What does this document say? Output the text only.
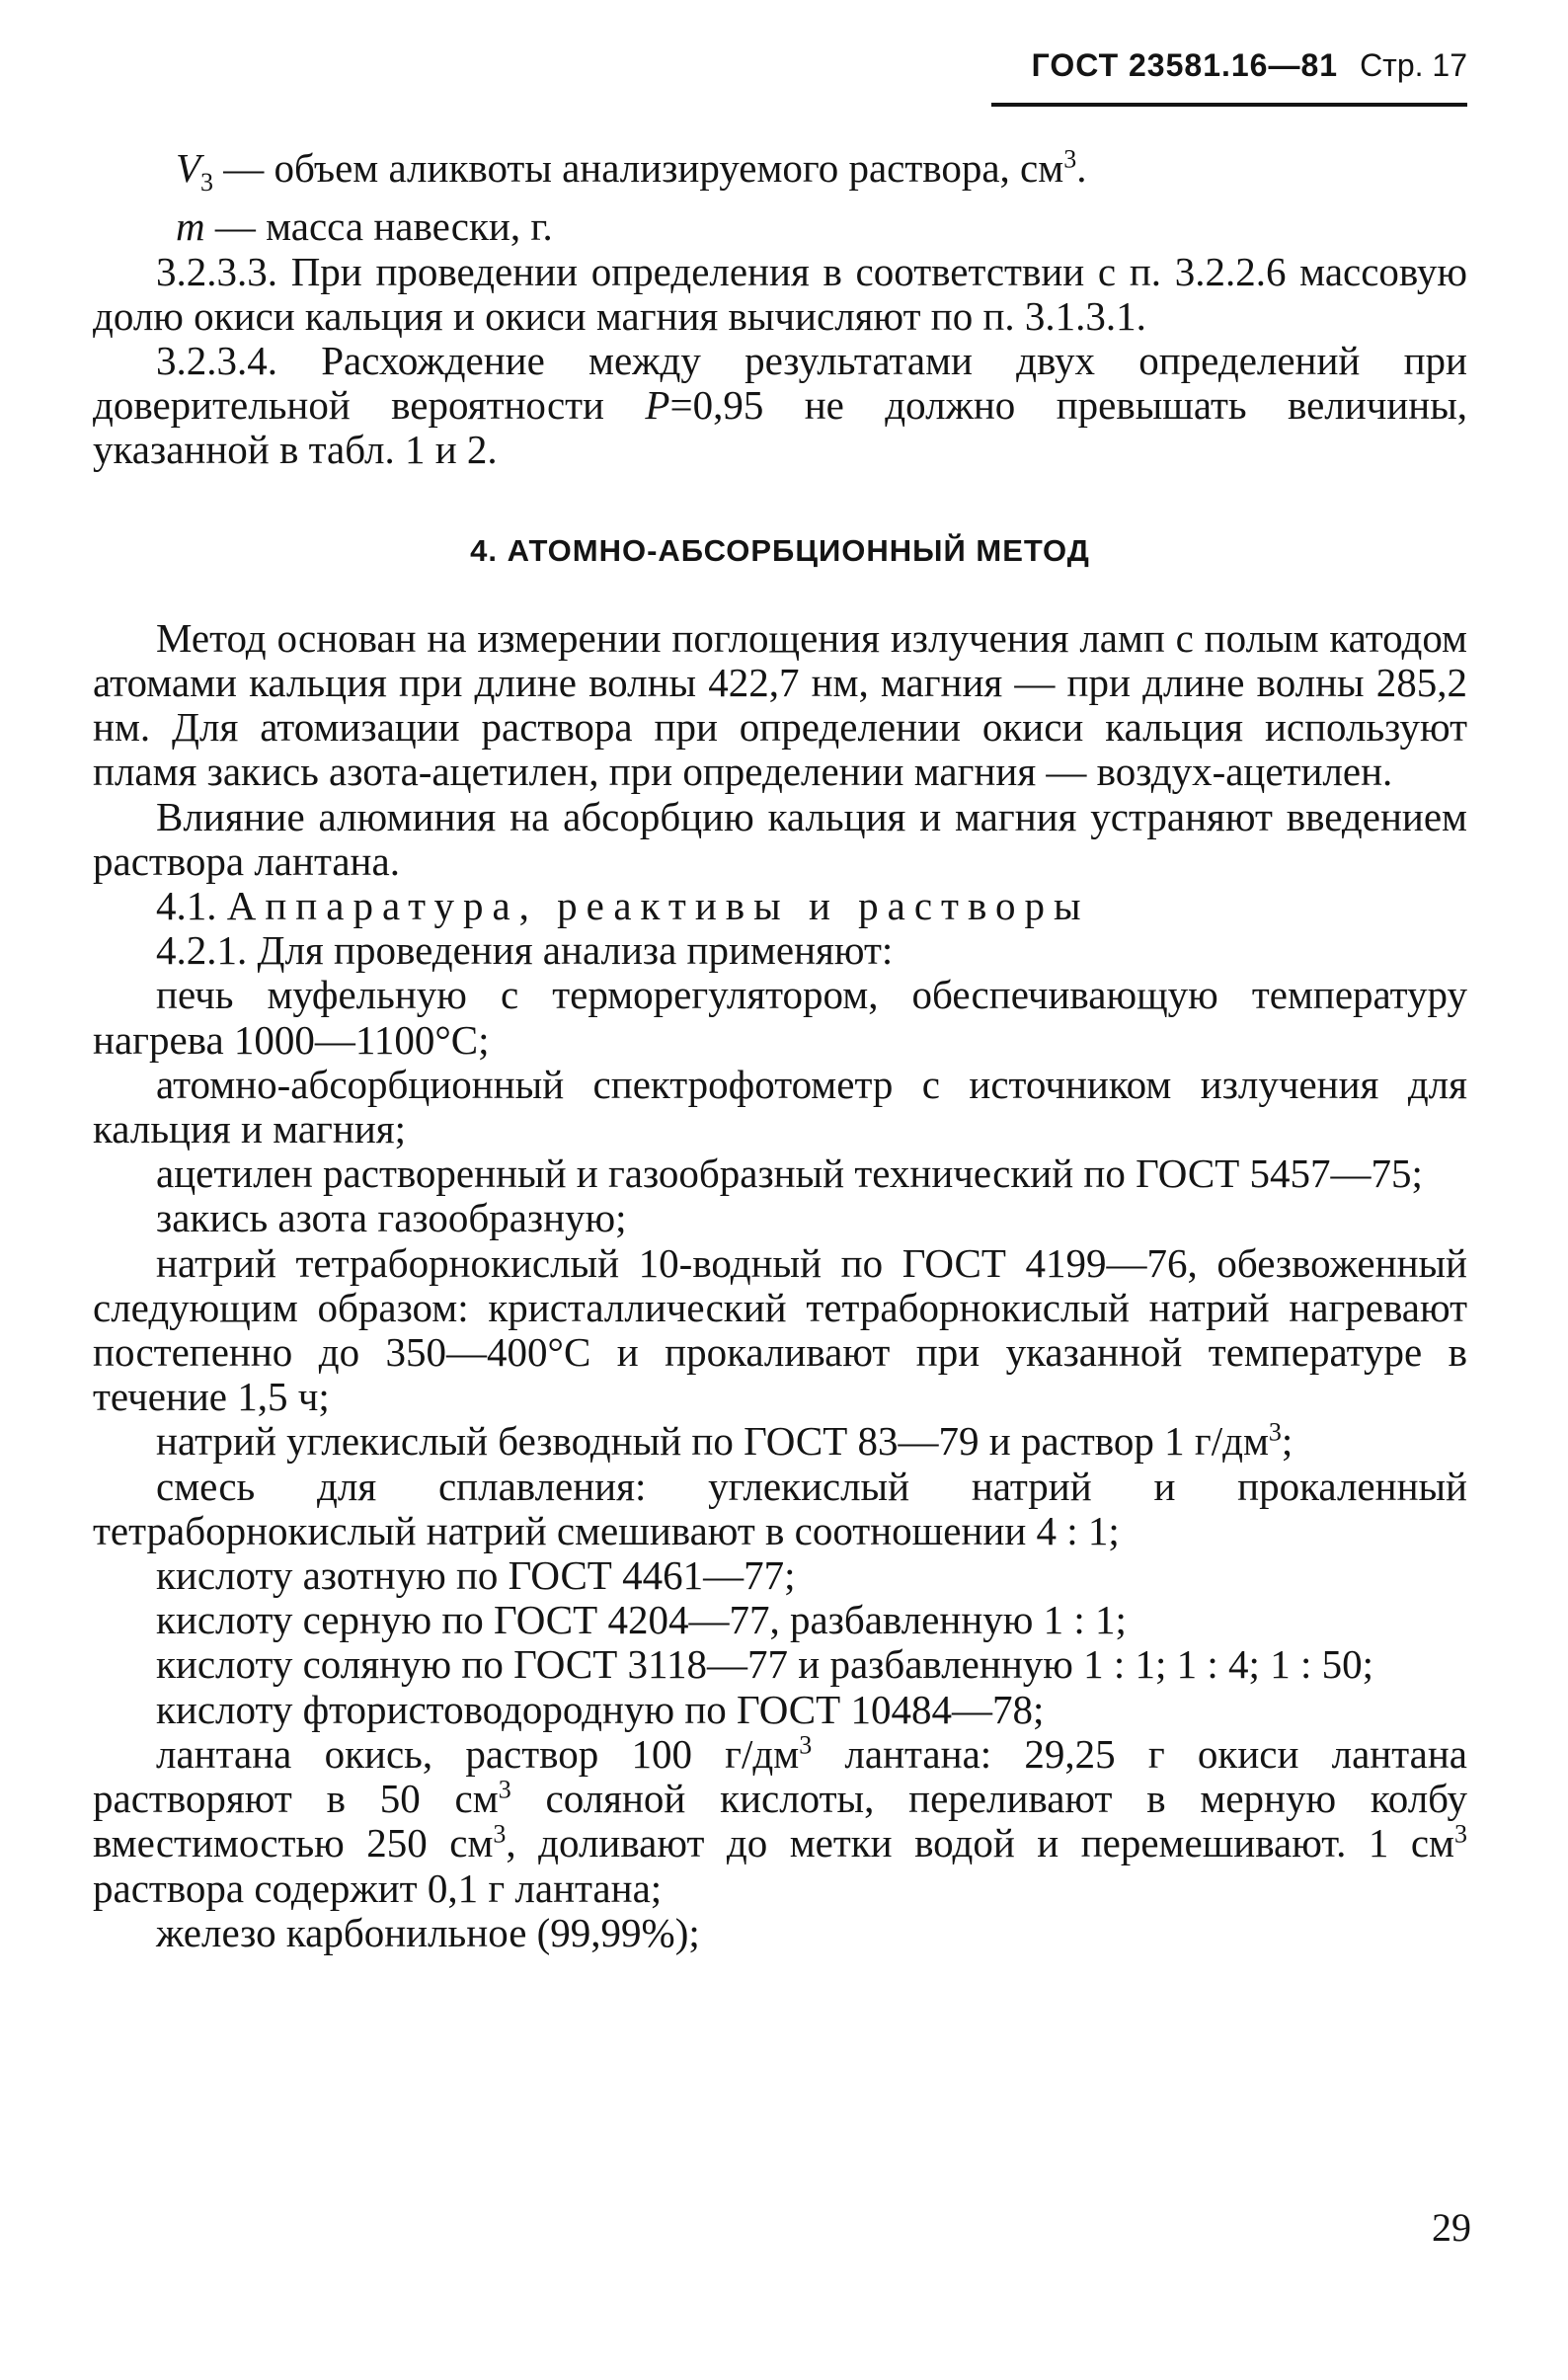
ГОСТ 23581.16—81 Стр. 17

$V_3$ — объем аликвоты анализируемого раствора, $см^3$.

m — масса навески, г.

3.2.3.3. При проведении определения в соответствии с п. 3.2.2.6 массовую долю окиси кальция и окиси магния вычисляют по п. 3.1.3.1.

3.2.3.4. Расхождение между результатами двух определений при доверительной вероятности P=0,95 не должно превышать величины, указанной в табл. 1 и 2.

4. АТОМНО-АБСОРБЦИОННЫЙ МЕТОД

Метод основан на измерении поглощения излучения ламп с полым катодом атомами кальция при длине волны 422,7 нм, магния — при длине волны 285,2 нм. Для атомизации раствора при определении окиси кальция используют пламя закись азота-ацетилен, при определении магния — воздух-ацетилен.

Влияние алюминия на абсорбцию кальция и магния устраняют введением раствора лантана.

4.1. Аппаратура, реактивы и растворы

4.2.1. Для проведения анализа применяют:

печь муфельную с терморегулятором, обеспечивающую температуру нагрева 1000—1100°С;

атомно-абсорбционный спектрофотометр с источником излучения для кальция и магния;

ацетилен растворенный и газообразный технический по ГОСТ 5457—75;

закись азота газообразную;

натрий тетраборнокислый 10-водный по ГОСТ 4199—76, обезвоженный следующим образом: кристаллический тетраборнокислый натрий нагревают постепенно до 350—400°С и прокаливают при указанной температуре в течение 1,5 ч;

натрий углекислый безводный по ГОСТ 83—79 и раствор 1 $г/дм^3$;

смесь для сплавления: углекислый натрий и прокаленный тетраборнокислый натрий смешивают в соотношении 4 : 1;

кислоту азотную по ГОСТ 4461—77;

кислоту серную по ГОСТ 4204—77, разбавленную 1 : 1;

кислоту соляную по ГОСТ 3118—77 и разбавленную 1 : 1; 1 : 4; 1 : 50;

кислоту фтористоводородную по ГОСТ 10484—78;

лантана окись, раствор 100 $г/дм^3$ лантана: 29,25 г окиси лантана растворяют в 50 $см^3$ соляной кислоты, переливают в мерную колбу вместимостью 250 $см^3$, доливают до метки водой и перемешивают. 1 $см^3$ раствора содержит 0,1 г лантана;

железо карбонильное (99,99%);

29
